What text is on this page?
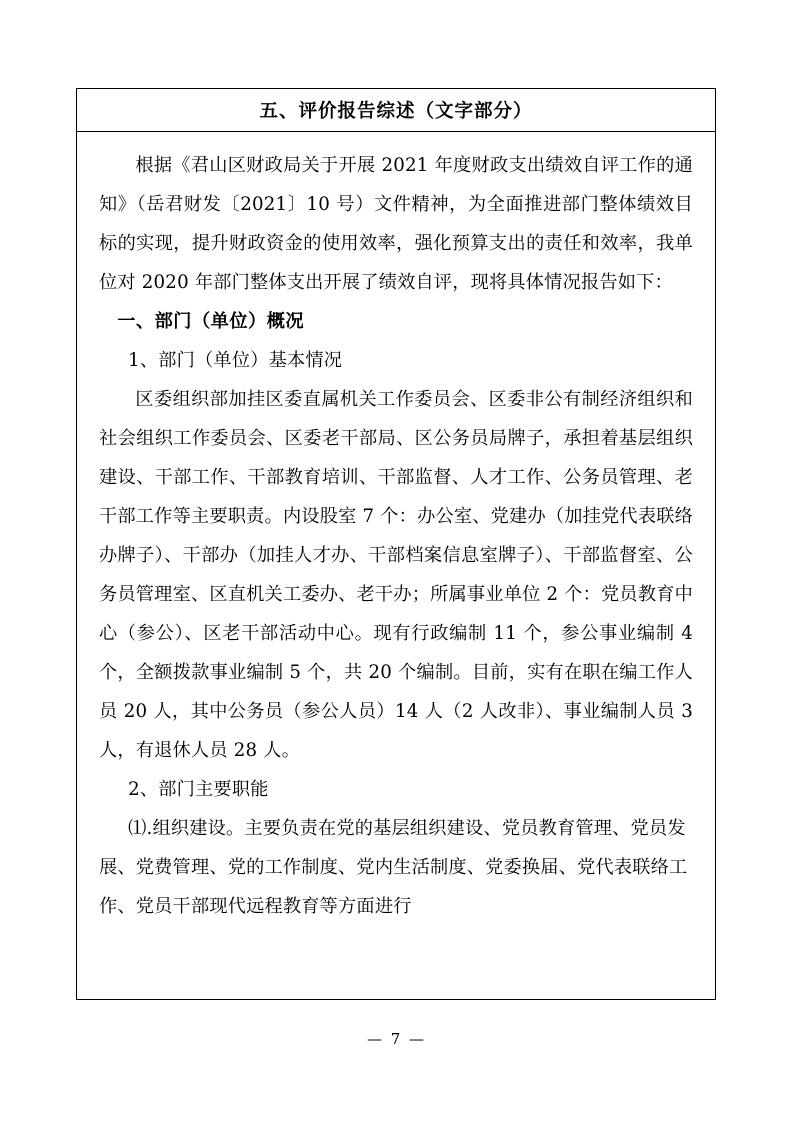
五、评价报告综述（文字部分）

根据《君山区财政局关于开展 2021 年度财政支出绩效自评工作的通知》（岳君财发〔2021〕10 号）文件精神，为全面推进部门整体绩效目标的实现，提升财政资金的使用效率，强化预算支出的责任和效率，我单位对 2020 年部门整体支出开展了绩效自评，现将具体情况报告如下：

一、部门（单位）概况

1、部门（单位）基本情况

区委组织部加挂区委直属机关工作委员会、区委非公有制经济组织和社会组织工作委员会、区委老干部局、区公务员局牌子，承担着基层组织建设、干部工作、干部教育培训、干部监督、人才工作、公务员管理、老干部工作等主要职责。内设股室 7 个：办公室、党建办（加挂党代表联络办牌子）、干部办（加挂人才办、干部档案信息室牌子）、干部监督室、公务员管理室、区直机关工委办、老干办；所属事业单位 2 个：党员教育中心（参公）、区老干部活动中心。现有行政编制 11 个，参公事业编制 4 个，全额拨款事业编制 5 个，共 20 个编制。目前，实有在职在编工作人员 20 人，其中公务员（参公人员）14 人（2 人改非）、事业编制人员 3 人，有退休人员 28 人。

2、部门主要职能

⑴.组织建设。主要负责在党的基层组织建设、党员教育管理、党员发展、党费管理、党的工作制度、党内生活制度、党委换届、党代表联络工作、党员干部现代远程教育等方面进行

— 7 —
